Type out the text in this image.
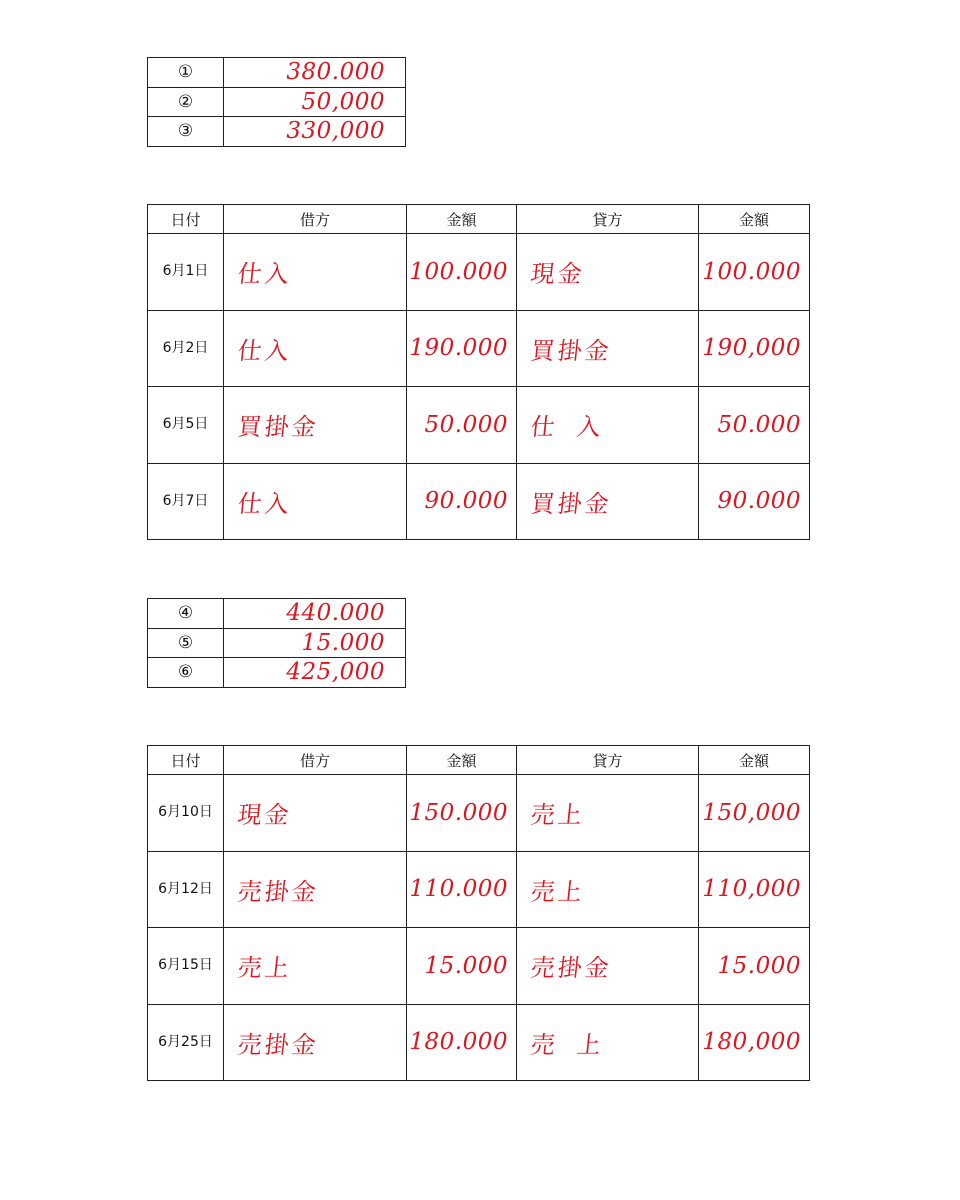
①	380.000
②	50,000
③	330,000
日付	借方	金額	貸方	金額
6月1日	仕入	100.000	現金	100.000
6月2日	仕入	190.000	買掛金	190,000
6月5日	買掛金	50.000	仕入	50.000
6月7日	仕入	90.000	買掛金	90.000
④	440.000
⑤	15.000
⑥	425,000
日付	借方	金額	貸方	金額
6月10日	現金	150.000	売上	150,000
6月12日	売掛金	110.000	売上	110,000
6月15日	売上	15.000	売掛金	15.000
6月25日	売掛金	180.000	売上	180,000
